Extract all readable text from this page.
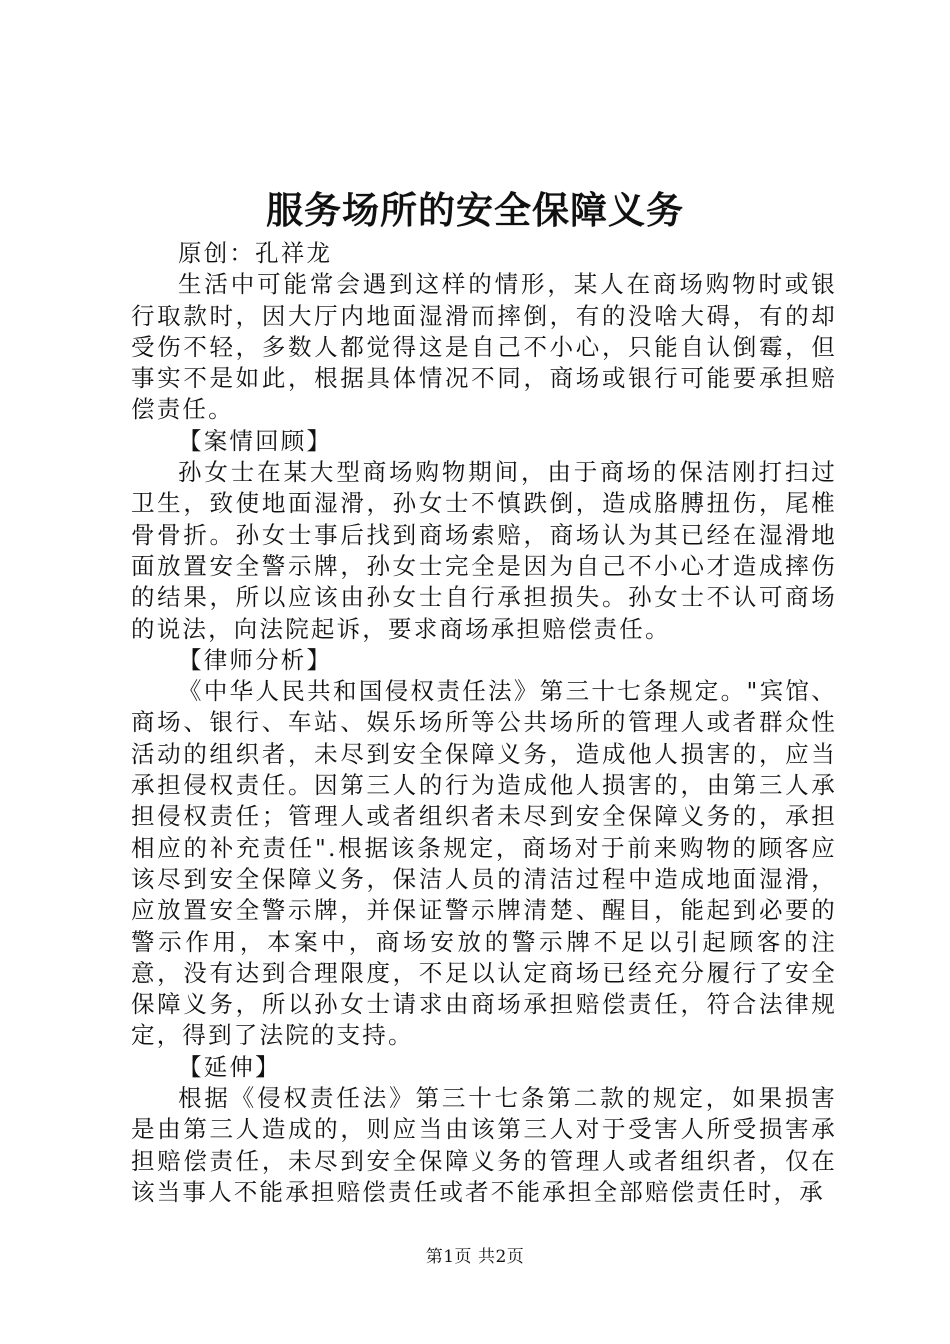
服务场所的安全保障义务

原创：孔祥龙

生活中可能常会遇到这样的情形，某人在商场购物时或银行取款时，因大厅内地面湿滑而摔倒，有的没啥大碍，有的却受伤不轻，多数人都觉得这是自己不小心，只能自认倒霉，但事实不是如此，根据具体情况不同，商场或银行可能要承担赔偿责任。

【案情回顾】

孙女士在某大型商场购物期间，由于商场的保洁刚打扫过卫生，致使地面湿滑，孙女士不慎跌倒，造成胳膊扭伤，尾椎骨骨折。孙女士事后找到商场索赔，商场认为其已经在湿滑地面放置安全警示牌，孙女士完全是因为自己不小心才造成摔伤的结果，所以应该由孙女士自行承担损失。孙女士不认可商场的说法，向法院起诉，要求商场承担赔偿责任。

【律师分析】

《中华人民共和国侵权责任法》第三十七条规定。"宾馆、商场、银行、车站、娱乐场所等公共场所的管理人或者群众性活动的组织者，未尽到安全保障义务，造成他人损害的，应当承担侵权责任。因第三人的行为造成他人损害的，由第三人承担侵权责任；管理人或者组织者未尽到安全保障义务的，承担相应的补充责任".根据该条规定，商场对于前来购物的顾客应该尽到安全保障义务，保洁人员的清洁过程中造成地面湿滑，应放置安全警示牌，并保证警示牌清楚、醒目，能起到必要的警示作用，本案中，商场安放的警示牌不足以引起顾客的注意，没有达到合理限度，不足以认定商场已经充分履行了安全保障义务，所以孙女士请求由商场承担赔偿责任，符合法律规定，得到了法院的支持。

【延伸】

根据《侵权责任法》第三十七条第二款的规定，如果损害是由第三人造成的，则应当由该第三人对于受害人所受损害承担赔偿责任，未尽到安全保障义务的管理人或者组织者，仅在该当事人不能承担赔偿责任或者不能承担全部赔偿责任时，承

第1页 共2页
